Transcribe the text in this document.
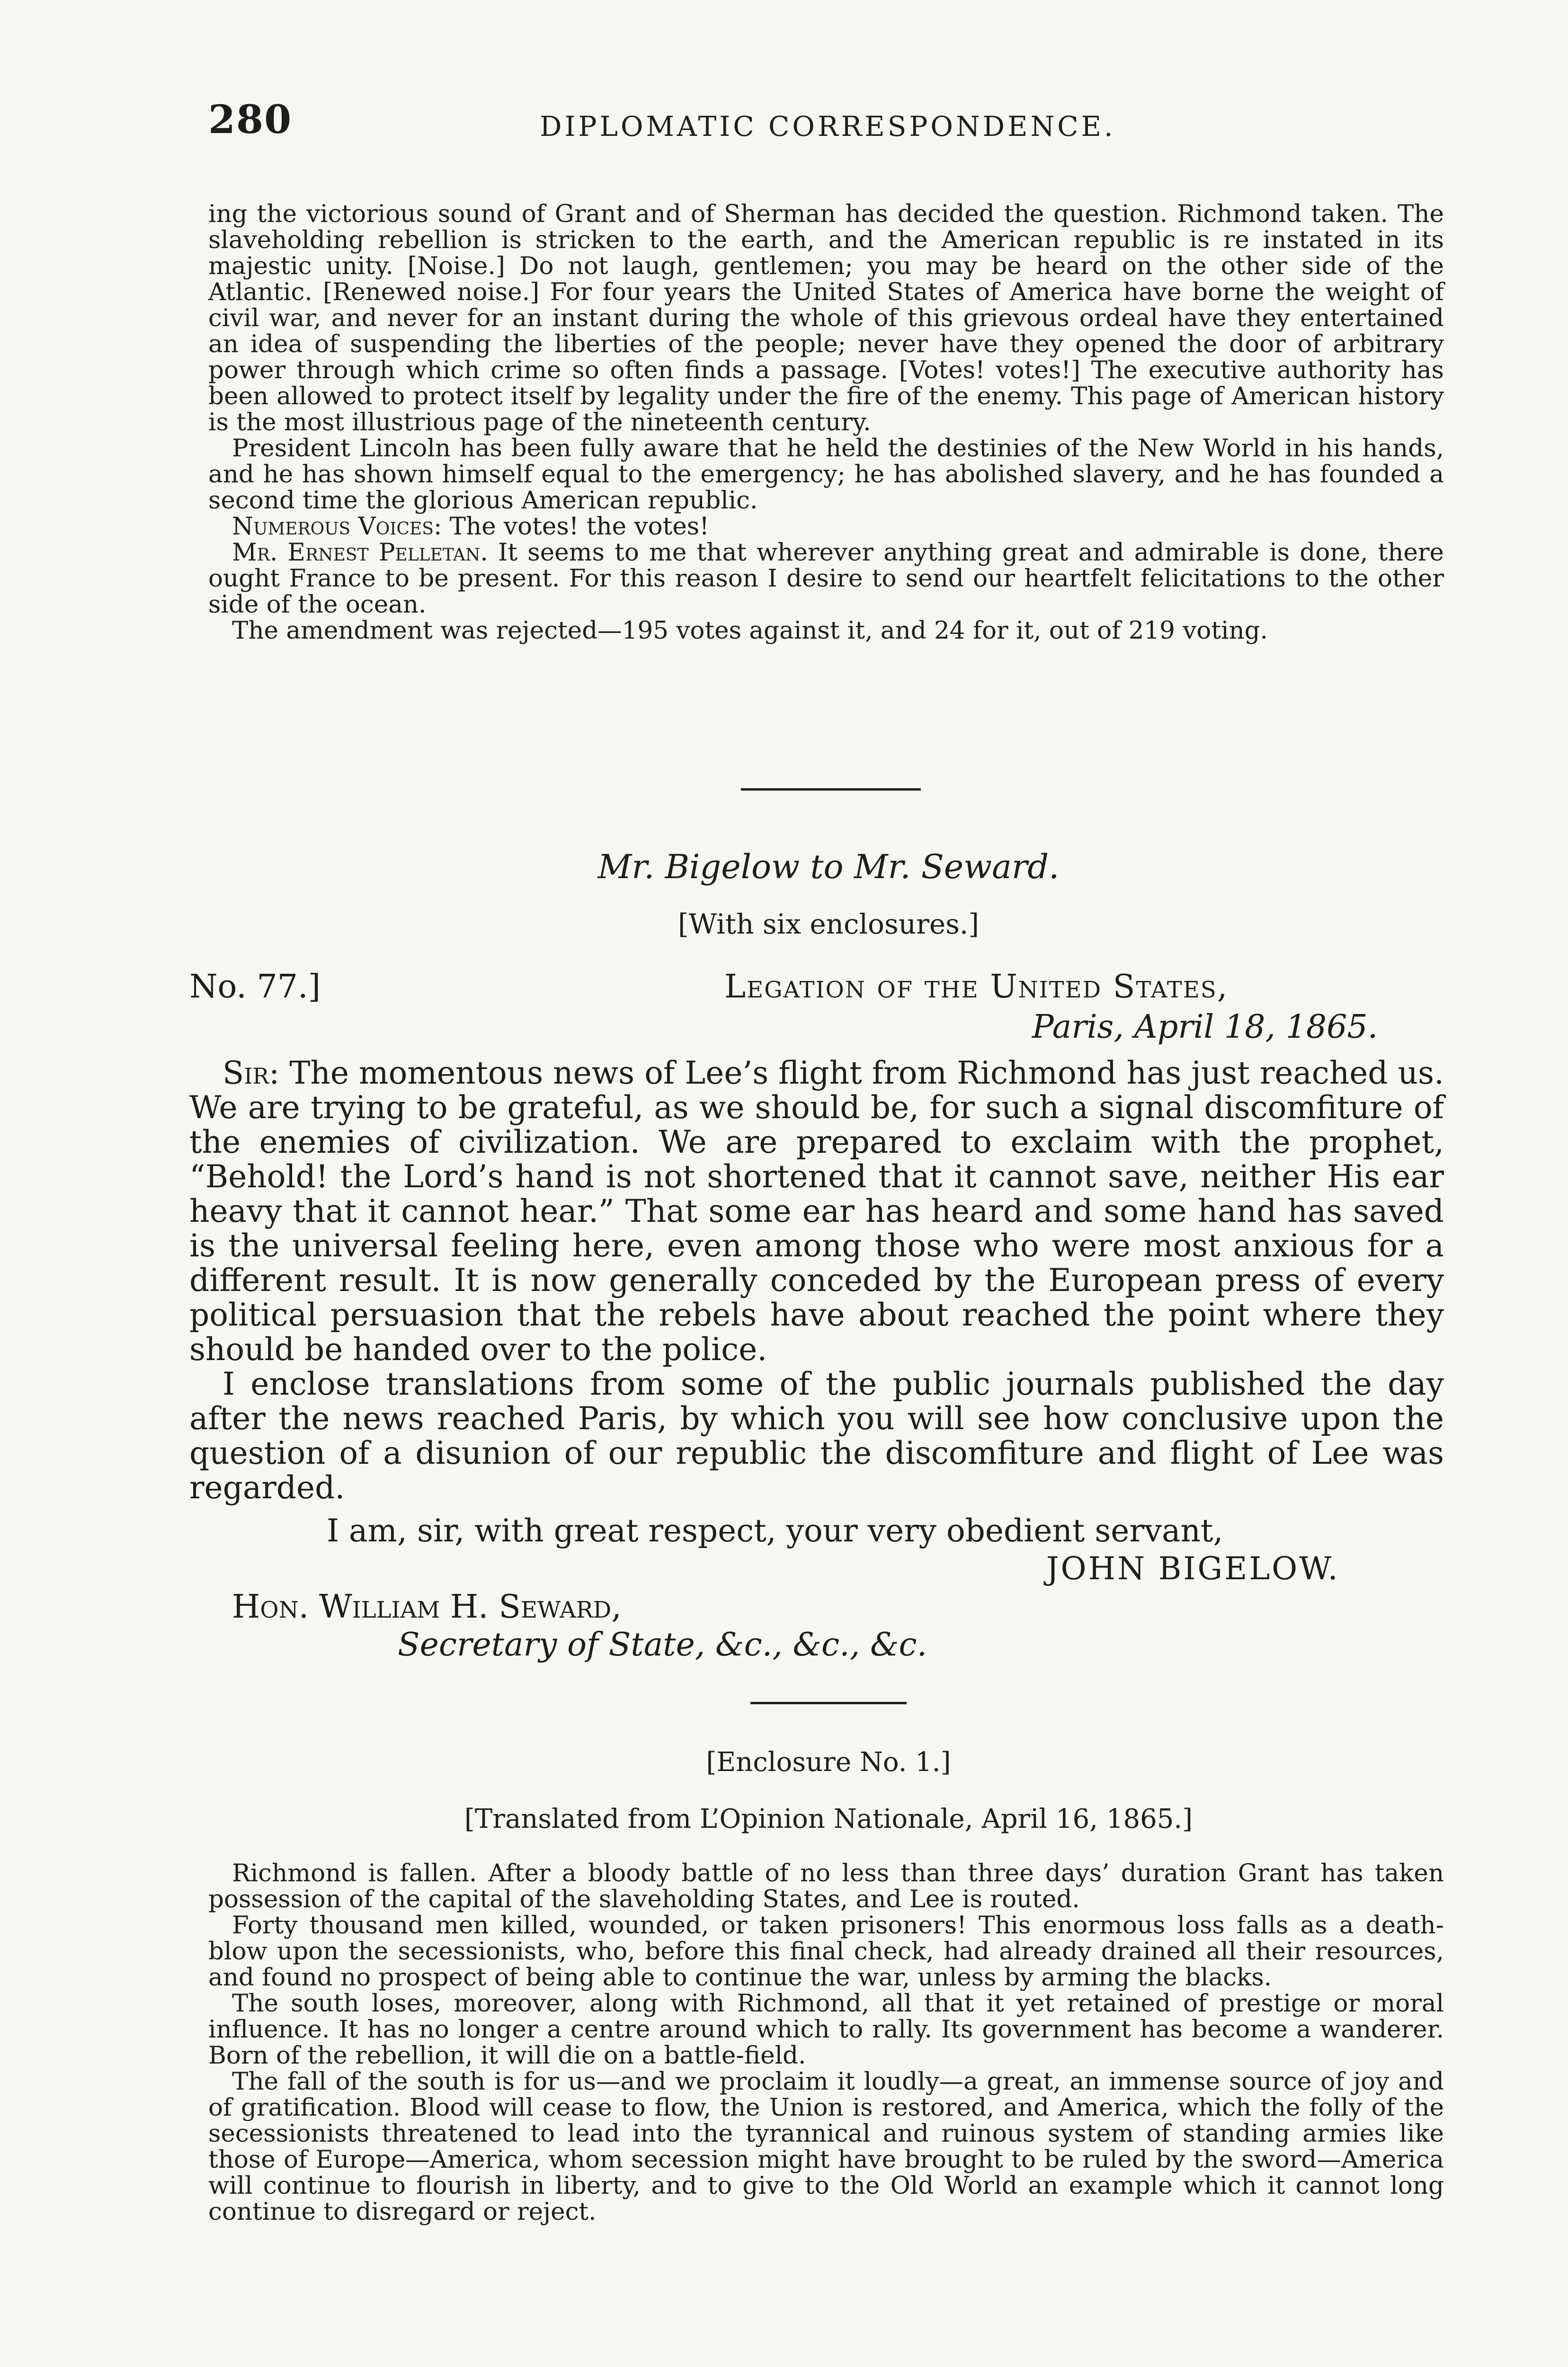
280	DIPLOMATIC CORRESPONDENCE.

ing the victorious sound of Grant and of Sherman has decided the question. Richmond taken. The slaveholding rebellion is stricken to the earth, and the American republic is re instated in its majestic unity. [Noise.] Do not laugh, gentlemen; you may be heard on the other side of the Atlantic. [Renewed noise.] For four years the United States of America have borne the weight of civil war, and never for an instant during the whole of this grievous ordeal have they entertained an idea of suspending the liberties of the people; never have they opened the door of arbitrary power through which crime so often finds a passage. [Votes! votes!] The executive authority has been allowed to protect itself by legality under the fire of the enemy. This page of American history is the most illustrious page of the nineteenth century.

President Lincoln has been fully aware that he held the destinies of the New World in his hands, and he has shown himself equal to the emergency; he has abolished slavery, and he has founded a second time the glorious American republic.

Numerous Voices: The votes! the votes!

Mr. Ernest Pelletan. It seems to me that wherever anything great and admirable is done, there ought France to be present. For this reason I desire to send our heartfelt felicitations to the other side of the ocean.

The amendment was rejected—195 votes against it, and 24 for it, out of 219 voting.

Mr. Bigelow to Mr. Seward.
[With six enclosures.]
No. 77.]	Legation of the United States,
Paris, April 18, 1865.

Sir: The momentous news of Lee’s flight from Richmond has just reached us. We are trying to be grateful, as we should be, for such a signal discomfiture of the enemies of civilization. We are prepared to exclaim with the prophet, “Behold! the Lord’s hand is not shortened that it cannot save, neither His ear heavy that it cannot hear.” That some ear has heard and some hand has saved is the universal feeling here, even among those who were most anxious for a different result. It is now generally conceded by the European press of every political persuasion that the rebels have about reached the point where they should be handed over to the police.

I enclose translations from some of the public journals published the day after the news reached Paris, by which you will see how conclusive upon the question of a disunion of our republic the discomfiture and flight of Lee was regarded.

I am, sir, with great respect, your very obedient servant,
JOHN BIGELOW.
Hon. William H. Seward,
Secretary of State, &c., &c., &c.
[Enclosure No. 1.]
[Translated from L’Opinion Nationale, April 16, 1865.]

Richmond is fallen. After a bloody battle of no less than three days’ duration Grant has taken possession of the capital of the slaveholding States, and Lee is routed.

Forty thousand men killed, wounded, or taken prisoners! This enormous loss falls as a death-blow upon the secessionists, who, before this final check, had already drained all their resources, and found no prospect of being able to continue the war, unless by arming the blacks.

The south loses, moreover, along with Richmond, all that it yet retained of prestige or moral influence. It has no longer a centre around which to rally. Its government has become a wanderer. Born of the rebellion, it will die on a battle-field.

The fall of the south is for us—and we proclaim it loudly—a great, an immense source of joy and of gratification. Blood will cease to flow, the Union is restored, and America, which the folly of the secessionists threatened to lead into the tyrannical and ruinous system of standing armies like those of Europe—America, whom secession might have brought to be ruled by the sword—America will continue to flourish in liberty, and to give to the Old World an example which it cannot long continue to disregard or reject.
